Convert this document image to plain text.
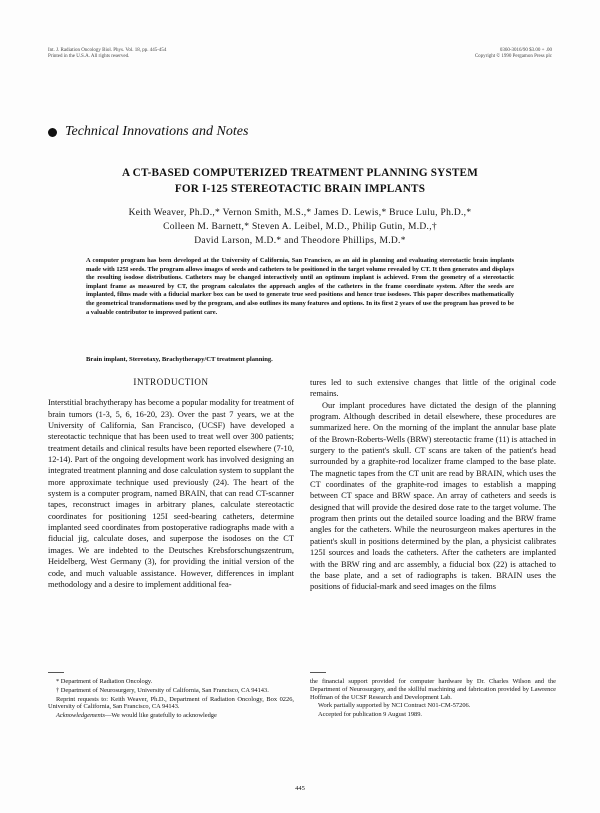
Int. J. Radiation Oncology Biol. Phys. Vol. 18, pp. 445-454
Printed in the U.S.A. All rights reserved.
0360-3016/90 $3.00 + .00
Copyright © 1990 Pergamon Press plc
Technical Innovations and Notes
A CT-BASED COMPUTERIZED TREATMENT PLANNING SYSTEM
FOR I-125 STEREOTACTIC BRAIN IMPLANTS
Keith Weaver, Ph.D.,* Vernon Smith, M.S.,* James D. Lewis,* Bruce Lulu, Ph.D.,*
Colleen M. Barnett,* Steven A. Leibel, M.D., Philip Gutin, M.D.,†
David Larson, M.D.* and Theodore Phillips, M.D.*
A computer program has been developed at the University of California, San Francisco, as an aid in planning and evaluating stereotactic brain implants made with 125I seeds. The program allows images of seeds and catheters to be positioned in the target volume revealed by CT. It then generates and displays the resulting isodose distributions. Catheters may be changed interactively until an optimum implant is achieved. From the geometry of a stereotactic implant frame as measured by CT, the program calculates the approach angles of the catheters in the frame coordinate system. After the seeds are implanted, films made with a fiducial marker box can be used to generate true seed positions and hence true isodoses. This paper describes mathematically the geometrical transformations used by the program, and also outlines its many features and options. In its first 2 years of use the program has proved to be a valuable contributor to improved patient care.
Brain implant, Stereotaxy, Brachytherapy/CT treatment planning.
INTRODUCTION

Interstitial brachytherapy has become a popular modality for treatment of brain tumors (1-3, 5, 6, 16-20, 23). Over the past 7 years, we at the University of California, San Francisco, (UCSF) have developed a stereotactic technique that has been used to treat well over 300 patients; treatment details and clinical results have been reported elsewhere (7-10, 12-14). Part of the ongoing development work has involved designing an integrated treatment planning and dose calculation system to supplant the more approximate technique used previously (24). The heart of the system is a computer program, named BRAIN, that can read CT-scanner tapes, reconstruct images in arbitrary planes, calculate stereotactic coordinates for positioning 125I seed-bearing catheters, determine implanted seed coordinates from postoperative radiographs made with a fiducial jig, calculate doses, and superpose the isodoses on the CT images. We are indebted to the Deutsches Krebsforschungszentrum, Heidelberg, West Germany (3), for providing the initial version of the code, and much valuable assistance. However, differences in implant methodology and a desire to implement additional fea-

tures led to such extensive changes that little of the original code remains.

Our implant procedures have dictated the design of the planning program. Although described in detail elsewhere, these procedures are summarized here. On the morning of the implant the annular base plate of the Brown-Roberts-Wells (BRW) stereotactic frame (11) is attached in surgery to the patient's skull. CT scans are taken of the patient's head surrounded by a graphite-rod localizer frame clamped to the base plate. The magnetic tapes from the CT unit are read by BRAIN, which uses the CT coordinates of the graphite-rod images to establish a mapping between CT space and BRW space. An array of catheters and seeds is designed that will provide the desired dose rate to the target volume. The program then prints out the detailed source loading and the BRW frame angles for the catheters. While the neurosurgeon makes apertures in the patient's skull in positions determined by the plan, a physicist calibrates 125I sources and loads the catheters. After the catheters are implanted with the BRW ring and arc assembly, a fiducial box (22) is attached to the base plate, and a set of radiographs is taken. BRAIN uses the positions of fiducial-mark and seed images on the films

* Department of Radiation Oncology.

† Department of Neurosurgery, University of California, San Francisco, CA 94143.

Reprint requests to: Keith Weaver, Ph.D., Department of Radiation Oncology, Box 0226, University of California, San Francisco, CA 94143.

Acknowledgements—We would like gratefully to acknowledge

the financial support provided for computer hardware by Dr. Charles Wilson and the Department of Neurosurgery, and the skillful machining and fabrication provided by Lawrence Hoffman of the UCSF Research and Development Lab.

Work partially supported by NCI Contract N01-CM-57206.

Accepted for publication 9 August 1989.

445
